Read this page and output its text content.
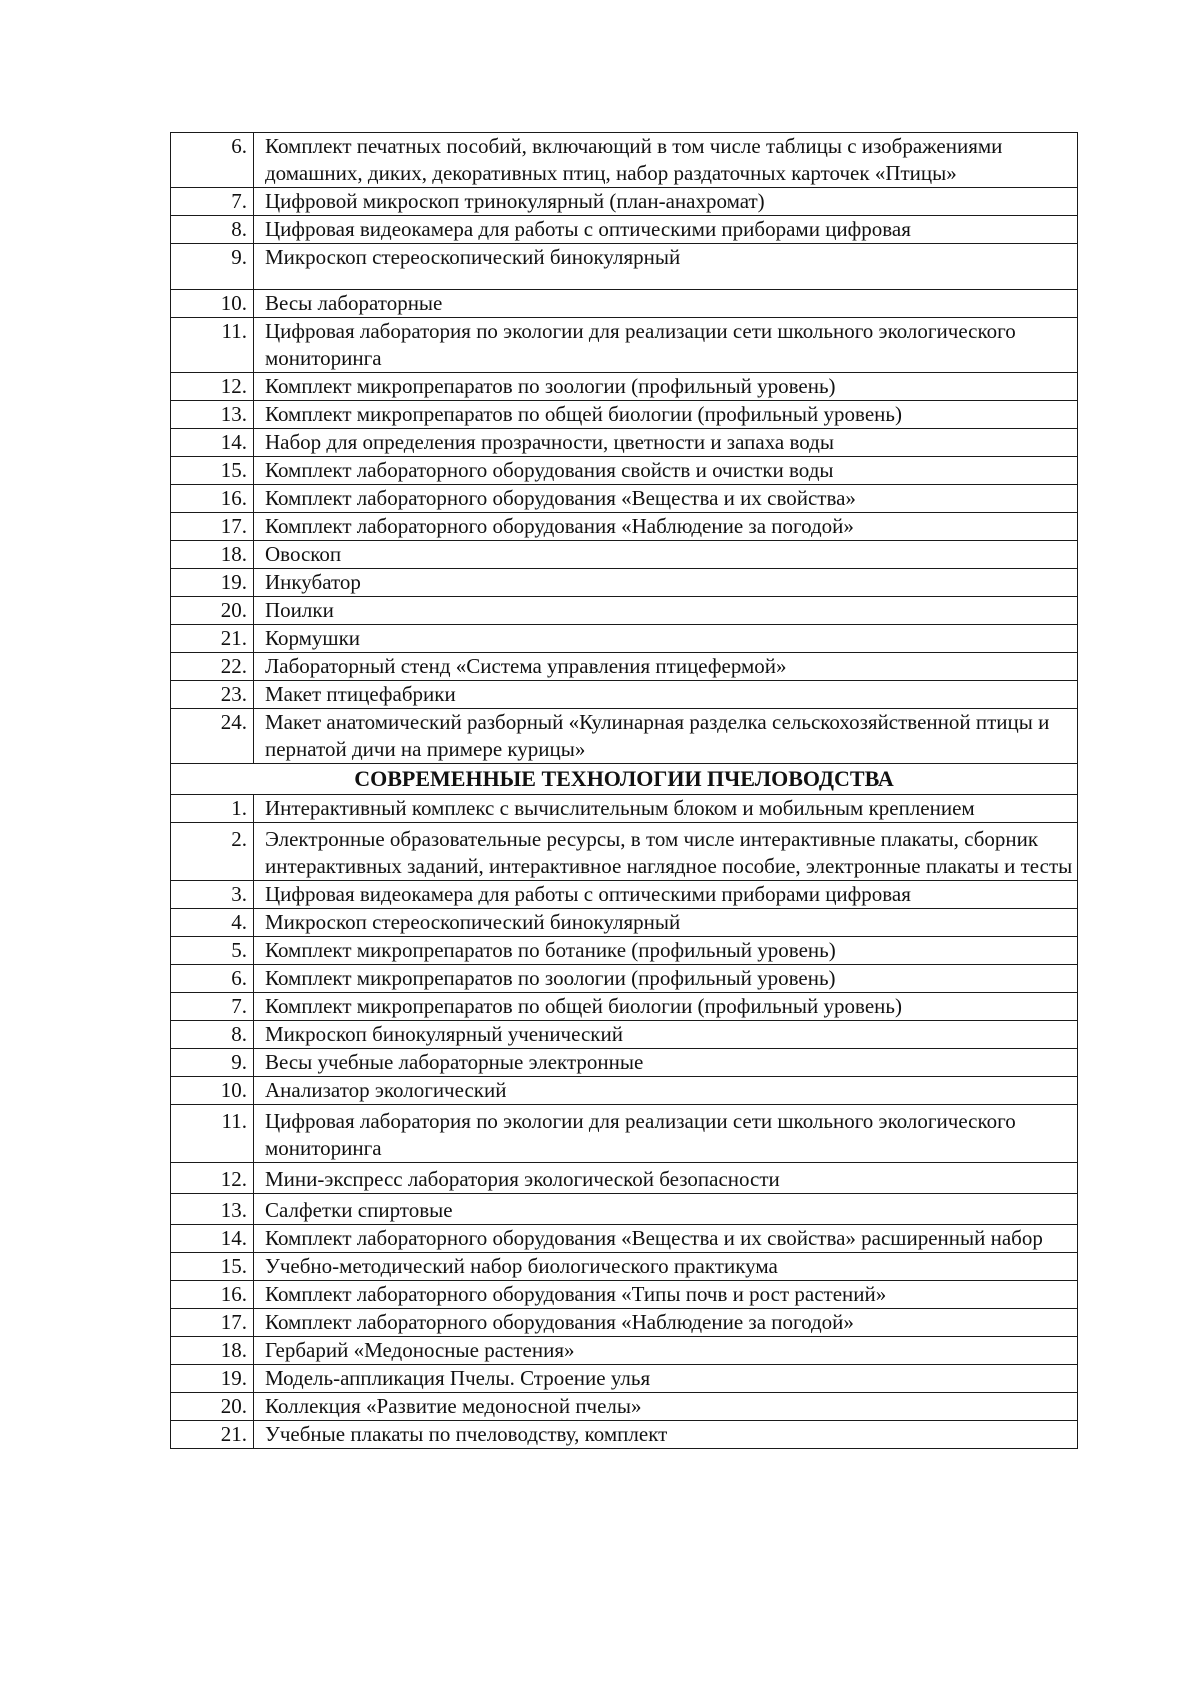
6.	Комплект печатных пособий, включающий в том числе таблицы с изображениями домашних, диких, декоративных птиц, набор раздаточных карточек «Птицы»
7.	Цифровой микроскоп тринокулярный (план-анахромат)
8.	Цифровая видеокамера для работы с оптическими приборами цифровая
9.	Микроскоп стереоскопический бинокулярный
10.	Весы лабораторные
11.	Цифровая лаборатория по экологии для реализации сети школьного экологического мониторинга
12.	Комплект микропрепаратов по зоологии (профильный уровень)
13.	Комплект микропрепаратов по общей биологии (профильный уровень)
14.	Набор для определения прозрачности, цветности и запаха воды
15.	Комплект лабораторного оборудования свойств и очистки воды
16.	Комплект лабораторного оборудования «Вещества и их свойства»
17.	Комплект лабораторного оборудования «Наблюдение за погодой»
18.	Овоскоп
19.	Инкубатор
20.	Поилки
21.	Кормушки
22.	Лабораторный стенд «Система управления птицефермой»
23.	Макет птицефабрики
24.	Макет анатомический разборный «Кулинарная разделка сельскохозяйственной птицы и пернатой дичи на примере курицы»
СОВРЕМЕННЫЕ ТЕХНОЛОГИИ ПЧЕЛОВОДСТВА	
1.	Интерактивный комплекс с вычислительным блоком и мобильным креплением
2.	Электронные образовательные ресурсы, в том числе интерактивные плакаты, сборник интерактивных заданий, интерактивное наглядное пособие, электронные плакаты и тесты
3.	Цифровая видеокамера для работы с оптическими приборами цифровая
4.	Микроскоп стереоскопический бинокулярный
5.	Комплект микропрепаратов по ботанике (профильный уровень)
6.	Комплект микропрепаратов по зоологии (профильный уровень)
7.	Комплект микропрепаратов по общей биологии (профильный уровень)
8.	Микроскоп бинокулярный ученический
9.	Весы учебные лабораторные электронные
10.	Анализатор экологический
11.	Цифровая лаборатория по экологии для реализации сети школьного экологического мониторинга
12.	Мини-экспресс лаборатория экологической безопасности
13.	Салфетки спиртовые
14.	Комплект лабораторного оборудования «Вещества и их свойства» расширенный набор
15.	Учебно-методический набор биологического практикума
16.	Комплект лабораторного оборудования «Типы почв и рост растений»
17.	Комплект лабораторного оборудования «Наблюдение за погодой»
18.	Гербарий «Медоносные растения»
19.	Модель-аппликация Пчелы. Строение улья
20.	Коллекция «Развитие медоносной пчелы»
21.	Учебные плакаты по пчеловодству, комплект
